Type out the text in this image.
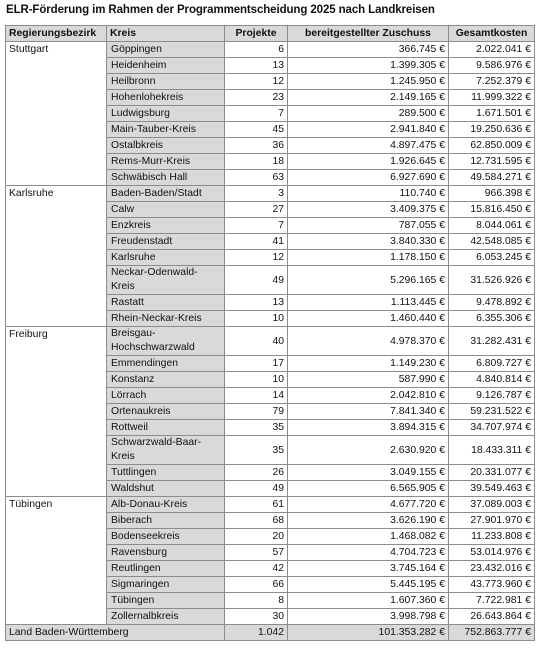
ELR-Förderung im Rahmen der Programmentscheidung 2025 nach Landkreisen
Regierungsbezirk	Kreis	Projekte	bereitgestellter Zuschuss	Gesamtkosten
Stuttgart	Göppingen	6	366.745 €	2.022.041 €
	Heidenheim	13	1.399.305 €	9.586.976 €
	Heilbronn	12	1.245.950 €	7.252.379 €
	Hohenlohekreis	23	2.149.165 €	11.999.322 €
	Ludwigsburg	7	289.500 €	1.671.501 €
	Main-Tauber-Kreis	45	2.941.840 €	19.250.636 €
	Ostalbkreis	36	4.897.475 €	62.850.009 €
	Rems-Murr-Kreis	18	1.926.645 €	12.731.595 €
	Schwäbisch Hall	63	6.927.690 €	49.584.271 €
Karlsruhe	Baden-Baden/Stadt	3	110.740 €	966.398 €
	Calw	27	3.409.375 €	15.816.450 €
	Enzkreis	7	787.055 €	8.044.061 €
	Freudenstadt	41	3.840.330 €	42.548.085 €
	Karlsruhe	12	1.178.150 €	6.053.245 €
	Neckar-Odenwald-Kreis	49	5.296.165 €	31.526.926 €
	Rastatt	13	1.113.445 €	9.478.892 €
	Rhein-Neckar-Kreis	10	1.460.440 €	6.355.306 €
Freiburg	Breisgau-Hochschwarzwald	40	4.978.370 €	31.282.431 €
	Emmendingen	17	1.149.230 €	6.809.727 €
	Konstanz	10	587.990 €	4.840.814 €
	Lörrach	14	2.042.810 €	9.126.787 €
	Ortenaukreis	79	7.841.340 €	59.231.522 €
	Rottweil	35	3.894.315 €	34.707.974 €
	Schwarzwald-Baar-Kreis	35	2.630.920 €	18.433.311 €
	Tuttlingen	26	3.049.155 €	20.331.077 €
	Waldshut	49	6.565.905 €	39.549.463 €
Tübingen	Alb-Donau-Kreis	61	4.677.720 €	37.089.003 €
	Biberach	68	3.626.190 €	27.901.970 €
	Bodenseekreis	20	1.468.082 €	11.233.808 €
	Ravensburg	57	4.704.723 €	53.014.976 €
	Reutlingen	42	3.745.164 €	23.432.016 €
	Sigmaringen	66	5.445.195 €	43.773.960 €
	Tübingen	8	1.607.360 €	7.722.981 €
	Zollernalbkreis	30	3.998.798 €	26.643.864 €
Land Baden-Württemberg		1.042	101.353.282 €	752.863.777 €
